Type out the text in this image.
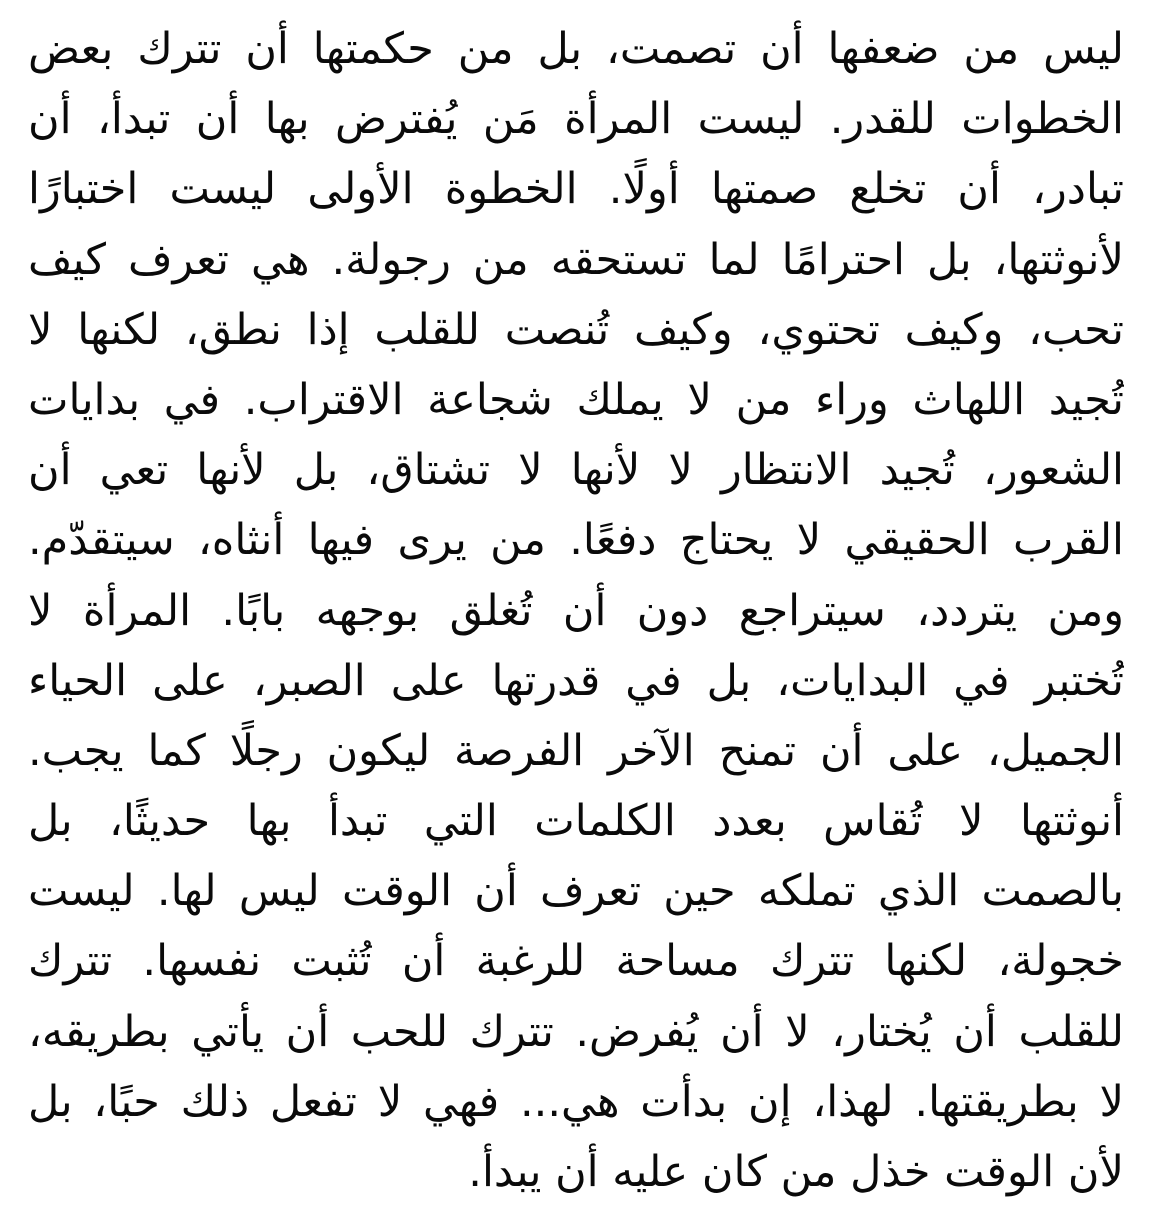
ليس من ضعفها أن تصمت، بل من حكمتها أن تترك بعض
الخطوات للقدر. ليست المرأة مَن يُفترض بها أن تبدأ، أن
تبادر، أن تخلع صمتها أولًا. الخطوة الأولى ليست اختبارًا
لأنوثتها، بل احترامًا لما تستحقه من رجولة. هي تعرف كيف
تحب، وكيف تحتوي، وكيف تُنصت للقلب إذا نطق، لكنها لا
تُجيد اللهاث وراء من لا يملك شجاعة الاقتراب. في بدايات
الشعور، تُجيد الانتظار لا لأنها لا تشتاق، بل لأنها تعي أن
القرب الحقيقي لا يحتاج دفعًا. من يرى فيها أنثاه، سيتقدّم.
ومن يتردد، سيتراجع دون أن تُغلق بوجهه بابًا. المرأة لا
تُختبر في البدايات، بل في قدرتها على الصبر، على الحياء
الجميل، على أن تمنح الآخر الفرصة ليكون رجلًا كما يجب.
أنوثتها لا تُقاس بعدد الكلمات التي تبدأ بها حديثًا، بل
بالصمت الذي تملكه حين تعرف أن الوقت ليس لها. ليست
خجولة، لكنها تترك مساحة للرغبة أن تُثبت نفسها. تترك
للقلب أن يُختار، لا أن يُفرض. تترك للحب أن يأتي بطريقه،
لا بطريقتها. لهذا، إن بدأت هي... فهي لا تفعل ذلك حبًا، بل
لأن الوقت خذل من كان عليه أن يبدأ.
